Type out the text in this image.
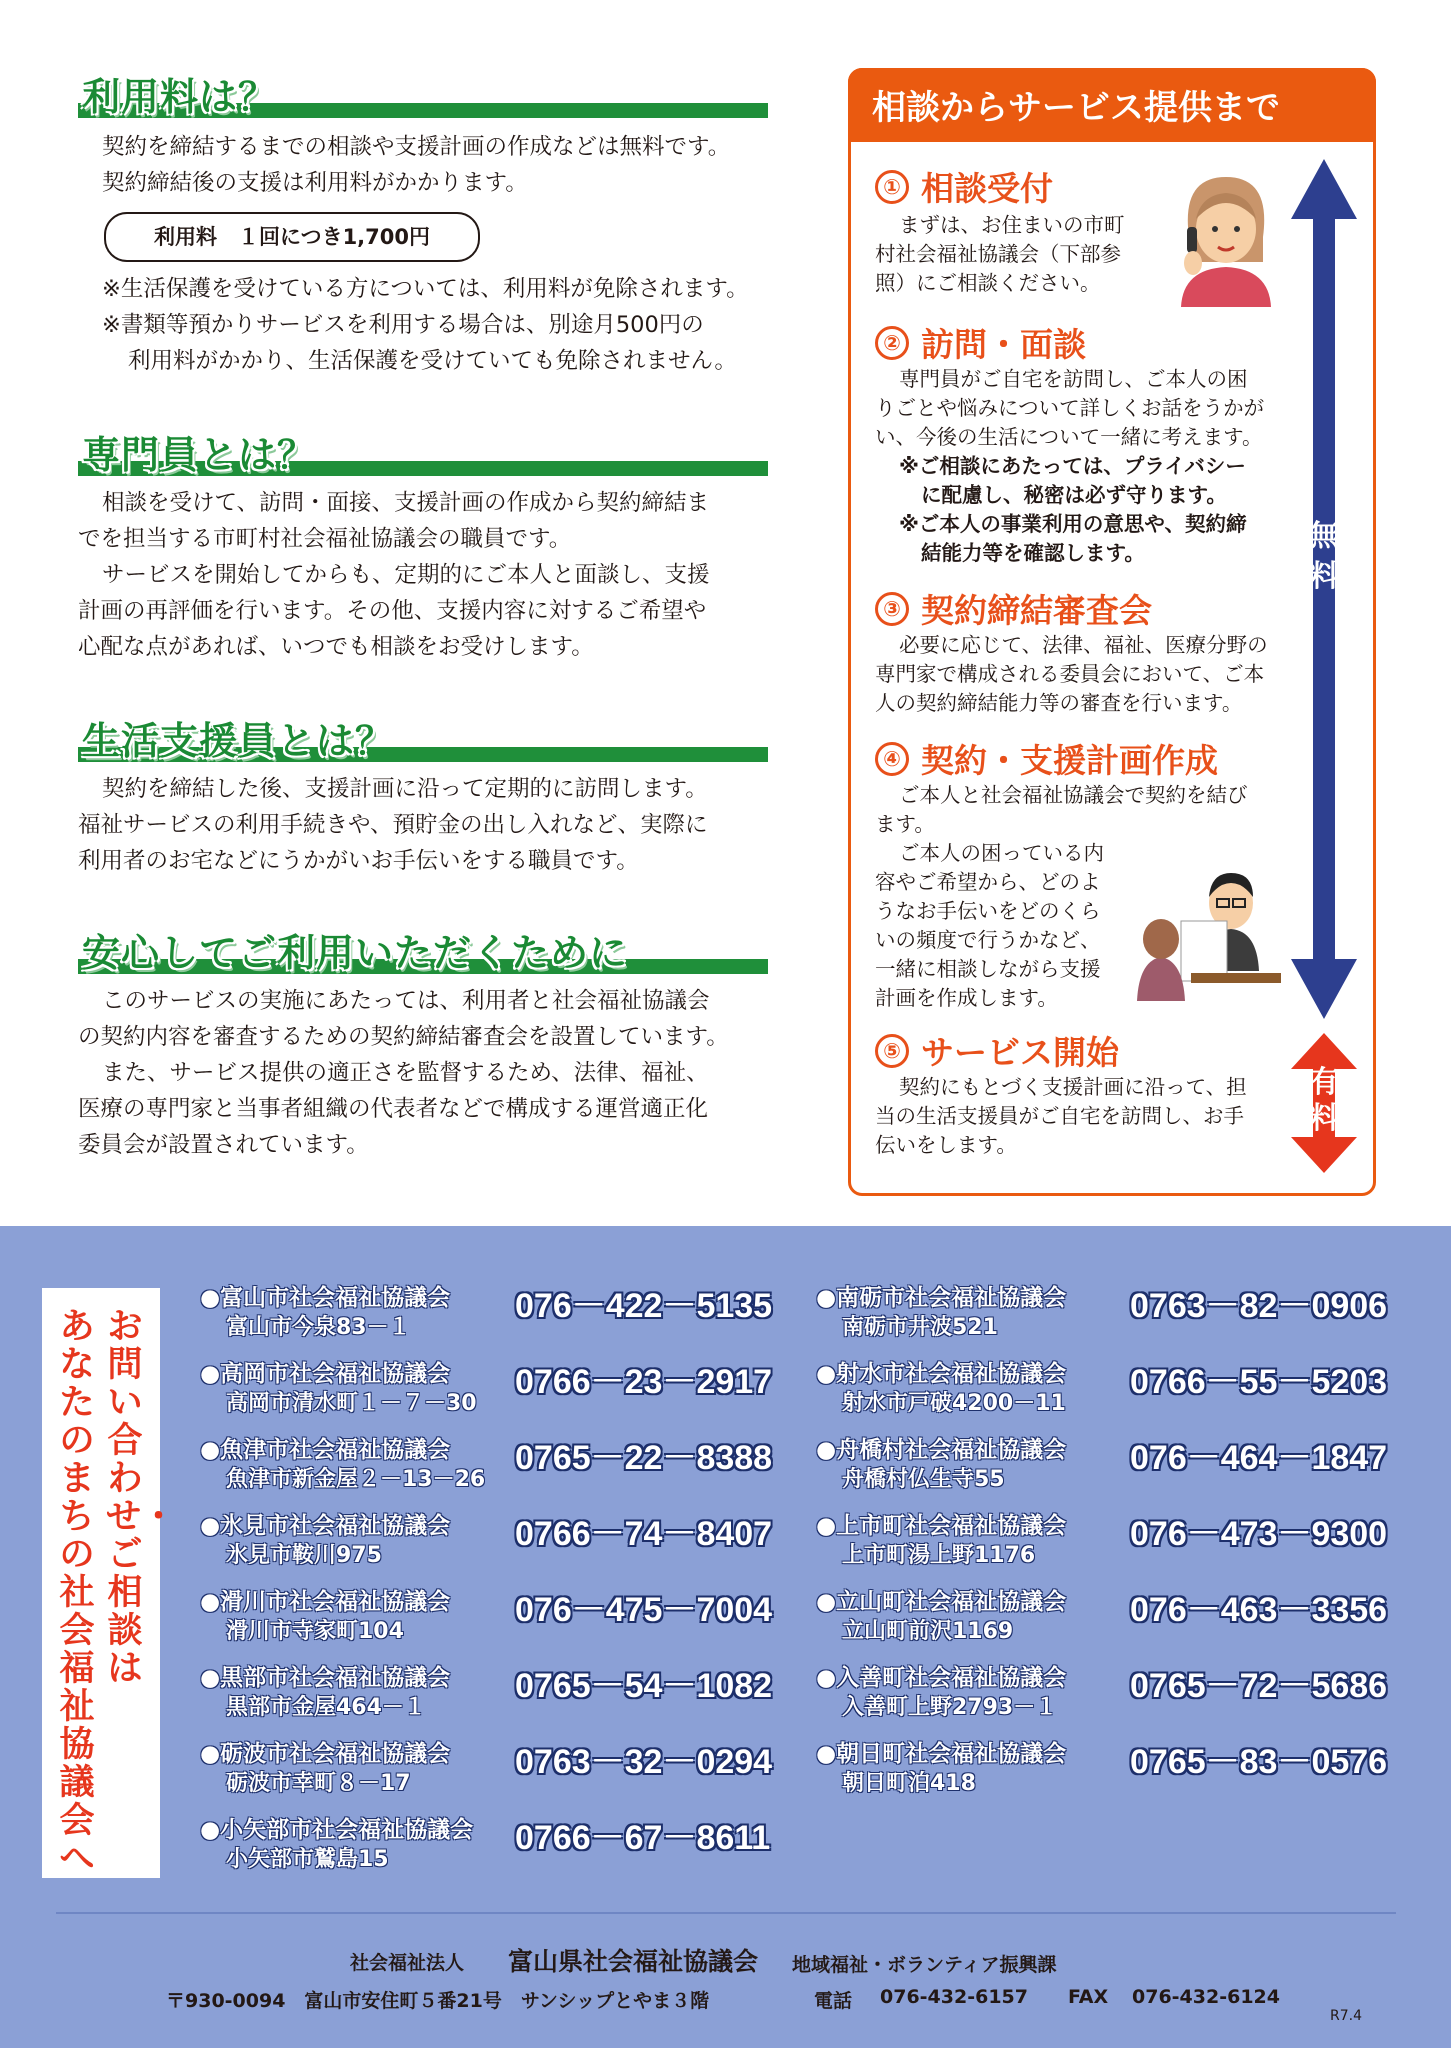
利用料は？
契約を締結するまでの相談や支援計画の作成などは無料です。
契約締結後の支援は利用料がかかります。
利用料　１回につき1,700円
※生活保護を受けている方については、利用料が免除されます。
※書類等預かりサービスを利用する場合は、別途月500円の
利用料がかかり、生活保護を受けていても免除されません。
専門員とは？
相談を受けて、訪問・面接、支援計画の作成から契約締結ま
でを担当する市町村社会福祉協議会の職員です。
サービスを開始してからも、定期的にご本人と面談し、支援
計画の再評価を行います。その他、支援内容に対するご希望や
心配な点があれば、いつでも相談をお受けします。
生活支援員とは？
契約を締結した後、支援計画に沿って定期的に訪問します。
福祉サービスの利用手続きや、預貯金の出し入れなど、実際に
利用者のお宅などにうかがいお手伝いをする職員です。
安心してご利用いただくために
このサービスの実施にあたっては、利用者と社会福祉協議会
の契約内容を審査するための契約締結審査会を設置しています。
また、サービス提供の適正さを監督するため、法律、福祉、
医療の専門家と当事者組織の代表者などで構成する運営適正化
委員会が設置されています。
相談からサービス提供まで
① 相談受付
まずは、お住まいの市町
村社会福祉協議会（下部参
照）にご相談ください。
② 訪問・面談
専門員がご自宅を訪問し、ご本人の困
りごとや悩みについて詳しくお話をうかが
い、今後の生活について一緒に考えます。
※ご相談にあたっては、プライバシー
に配慮し、秘密は必ず守ります。
※ご本人の事業利用の意思や、契約締
結能力等を確認します。
③ 契約締結審査会
必要に応じて、法律、福祉、医療分野の
専門家で構成される委員会において、ご本
人の契約締結能力等の審査を行います。
④ 契約・支援計画作成
ご本人と社会福祉協議会で契約を結び
ます。
ご本人の困っている内
容やご希望から、どのよ
うなお手伝いをどのくら
いの頻度で行うかなど、
一緒に相談しながら支援
計画を作成します。
⑤ サービス開始
契約にもとづく支援計画に沿って、担
当の生活支援員がご自宅を訪問し、お手
伝いをします。
無
料
有
料
お問い合わせ・ご相談は
あなたのまちの社会福祉協議会へ
●富山市社会福祉協議会
富山市今泉83－１
076－422－5135
●高岡市社会福祉協議会
高岡市清水町１－７－30
0766－23－2917
●魚津市社会福祉協議会
魚津市新金屋２－13－26
0765－22－8388
●氷見市社会福祉協議会
氷見市鞍川975
0766－74－8407
●滑川市社会福祉協議会
滑川市寺家町104
076－475－7004
●黒部市社会福祉協議会
黒部市金屋464－１
0765－54－1082
●砺波市社会福祉協議会
砺波市幸町８－17
0763－32－0294
●小矢部市社会福祉協議会
小矢部市鷲島15
0766－67－8611
●南砺市社会福祉協議会
南砺市井波521
0763－82－0906
●射水市社会福祉協議会
射水市戸破4200－11
0766－55－5203
●舟橋村社会福祉協議会
舟橋村仏生寺55
076－464－1847
●上市町社会福祉協議会
上市町湯上野1176
076－473－9300
●立山町社会福祉協議会
立山町前沢1169
076－463－3356
●入善町社会福祉協議会
入善町上野2793－１
0765－72－5686
●朝日町社会福祉協議会
朝日町泊418
0765－83－0576
社会福祉法人 富山県社会福祉協議会 地域福祉・ボランティア振興課
〒930-0094　富山市安住町５番21号　サンシップとやま３階	電話 076-432-6157 FAX 076-432-6124
R7.4
